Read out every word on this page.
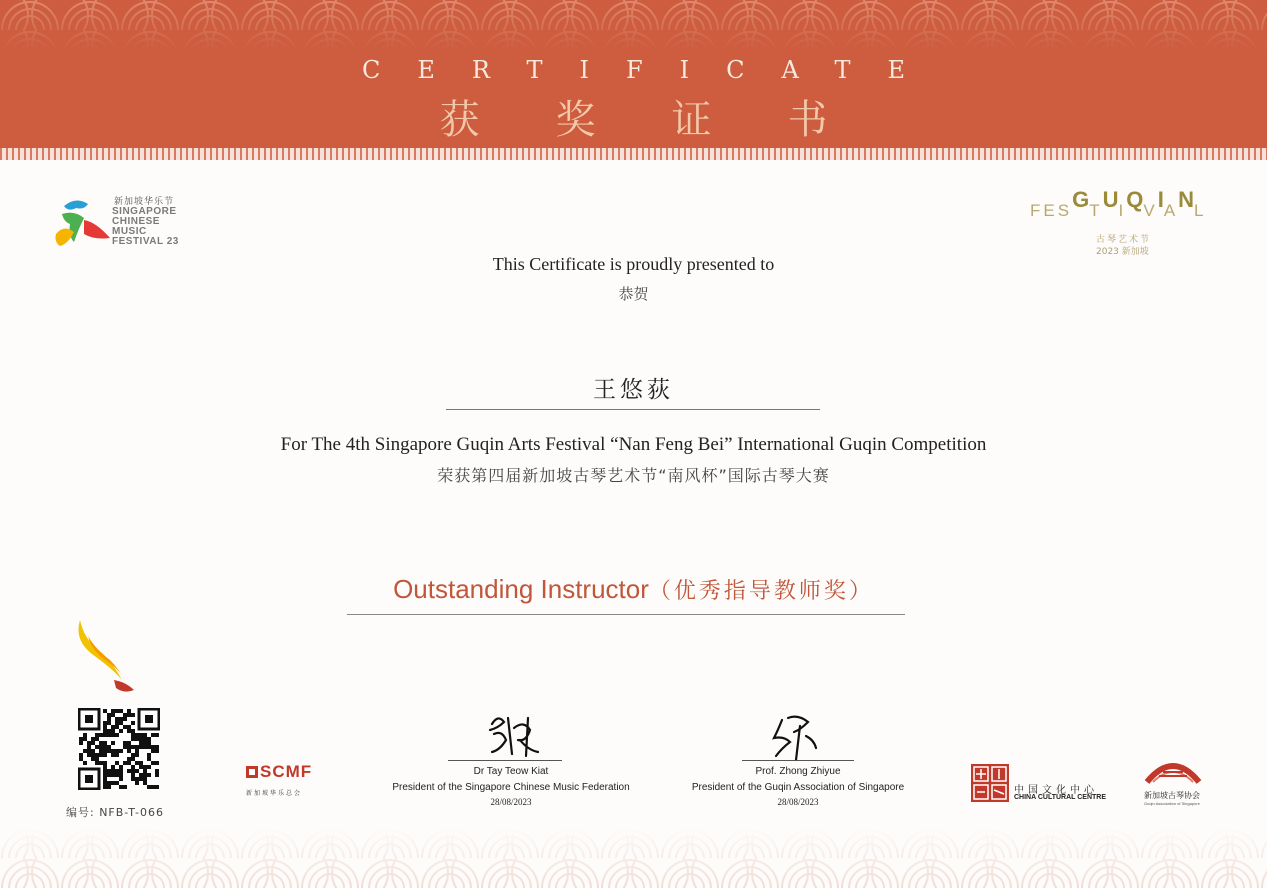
CERTIFICATE
获奖证书
新加坡华乐节
SINGAPORE
CHINESE
MUSIC
FESTIVAL 23
FESGTUIQVIANL
古琴艺术节
2023 新加坡
This Certificate is proudly presented to
恭贺
王悠荻
For The 4th Singapore Guqin Arts Festival “Nan Feng Bei” International Guqin Competition
荣获第四届新加坡古琴艺术节“南风杯”国际古琴大赛
Outstanding Instructor（优秀指导教师奖）
编号: NFB-T-066
SCMF
新加坡华乐总会
Dr Tay Teow Kiat
President of the Singapore Chinese Music Federation
28/08/2023
Prof. Zhong Zhiyue
President of the Guqin Association of Singapore
28/08/2023
中国文化中心
CHINA CULTURAL CENTRE	新加坡古琴协会
Guqin Association of Singapore
